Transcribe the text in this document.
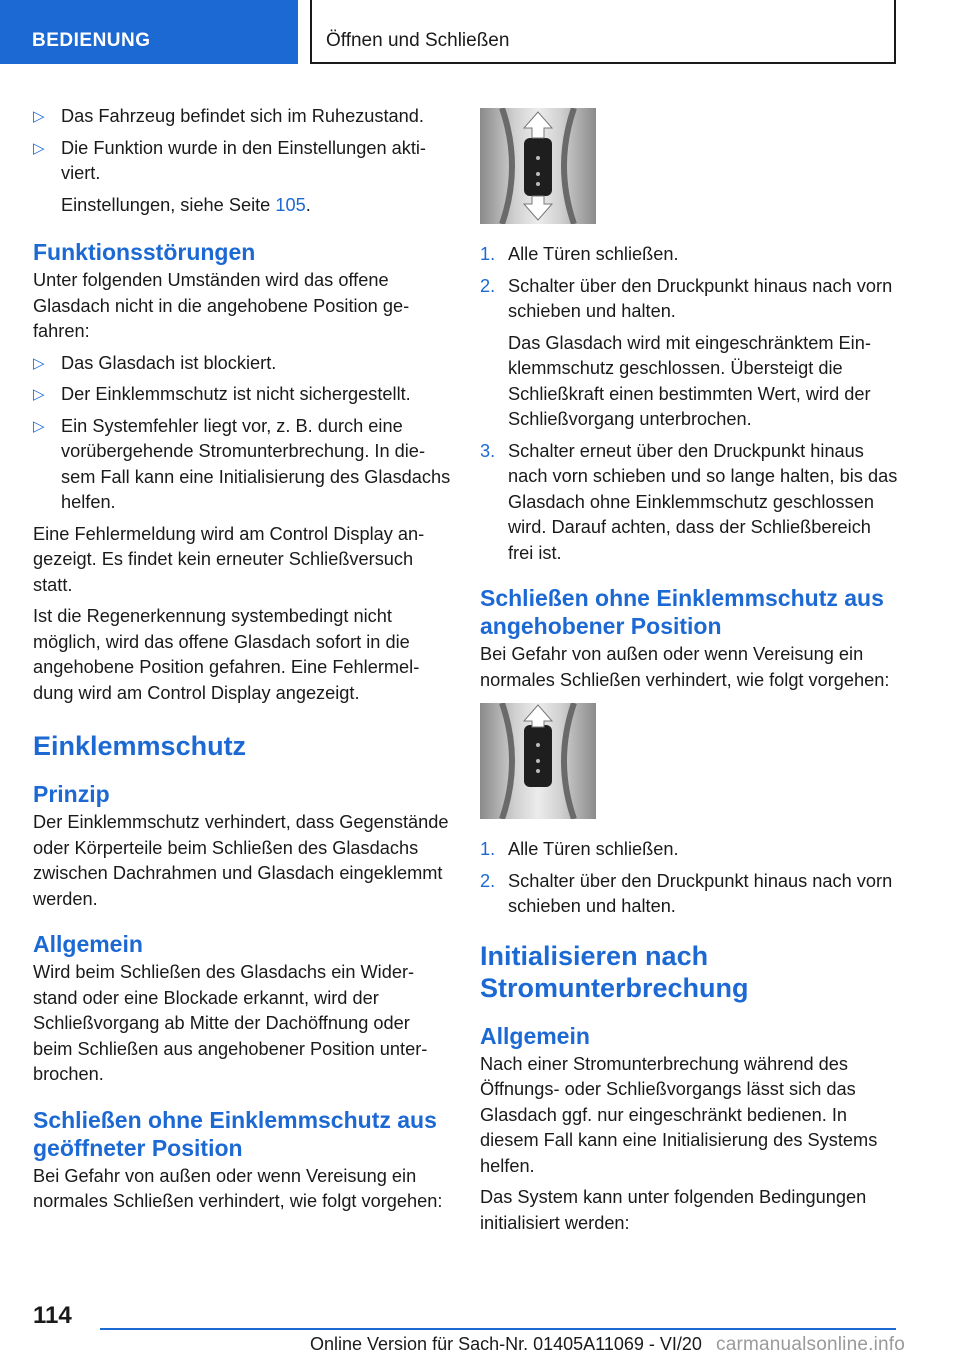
BEDIENUNG	Öffnen und Schließen
▷ Das Fahrzeug befindet sich im Ruhezustand.
▷ Die Funktion wurde in den Einstellungen aktiviert.
Einstellungen, siehe Seite 105.
Funktionsstörungen

Unter folgenden Umständen wird das offene Glasdach nicht in die angehobene Position gefahren:

▷ Das Glasdach ist blockiert.
▷ Der Einklemmschutz ist nicht sichergestellt.
▷ Ein Systemfehler liegt vor, z. B. durch eine vorübergehende Stromunterbrechung. In diesem Fall kann eine Initialisierung des Glasdachs helfen.

Eine Fehlermeldung wird am Control Display angezeigt. Es findet kein erneuter Schließversuch statt.

Ist die Regenerkennung systembedingt nicht möglich, wird das offene Glasdach sofort in die angehobene Position gefahren. Eine Fehlermeldung wird am Control Display angezeigt.

Einklemmschutz
Prinzip

Der Einklemmschutz verhindert, dass Gegenstände oder Körperteile beim Schließen des Glasdachs zwischen Dachrahmen und Glasdach eingeklemmt werden.

Allgemein

Wird beim Schließen des Glasdachs ein Widerstand oder eine Blockade erkannt, wird der Schließvorgang ab Mitte der Dachöffnung oder beim Schließen aus angehobener Position unterbrochen.

Schließen ohne Einklemmschutz aus geöffneter Position

Bei Gefahr von außen oder wenn Vereisung ein normales Schließen verhindert, wie folgt vorgehen:

1. Alle Türen schließen.
2. Schalter über den Druckpunkt hinaus nach vorn schieben und halten.
Das Glasdach wird mit eingeschränktem Einklemmschutz geschlossen. Übersteigt die Schließkraft einen bestimmten Wert, wird der Schließvorgang unterbrochen.
3. Schalter erneut über den Druckpunkt hinaus nach vorn schieben und so lange halten, bis das Glasdach ohne Einklemmschutz geschlossen wird. Darauf achten, dass der Schließbereich frei ist.
Schließen ohne Einklemmschutz aus angehobener Position

Bei Gefahr von außen oder wenn Vereisung ein normales Schließen verhindert, wie folgt vorgehen:

1. Alle Türen schließen.
2. Schalter über den Druckpunkt hinaus nach vorn schieben und halten.
Initialisieren nach Stromunterbrechung
Allgemein

Nach einer Stromunterbrechung während des Öffnungs- oder Schließvorgangs lässt sich das Glasdach ggf. nur eingeschränkt bedienen. In diesem Fall kann eine Initialisierung des Systems helfen.

Das System kann unter folgenden Bedingungen initialisiert werden:

114
Online Version für Sach-Nr. 01405A11069 - VI/20 carmanualsonline.info
